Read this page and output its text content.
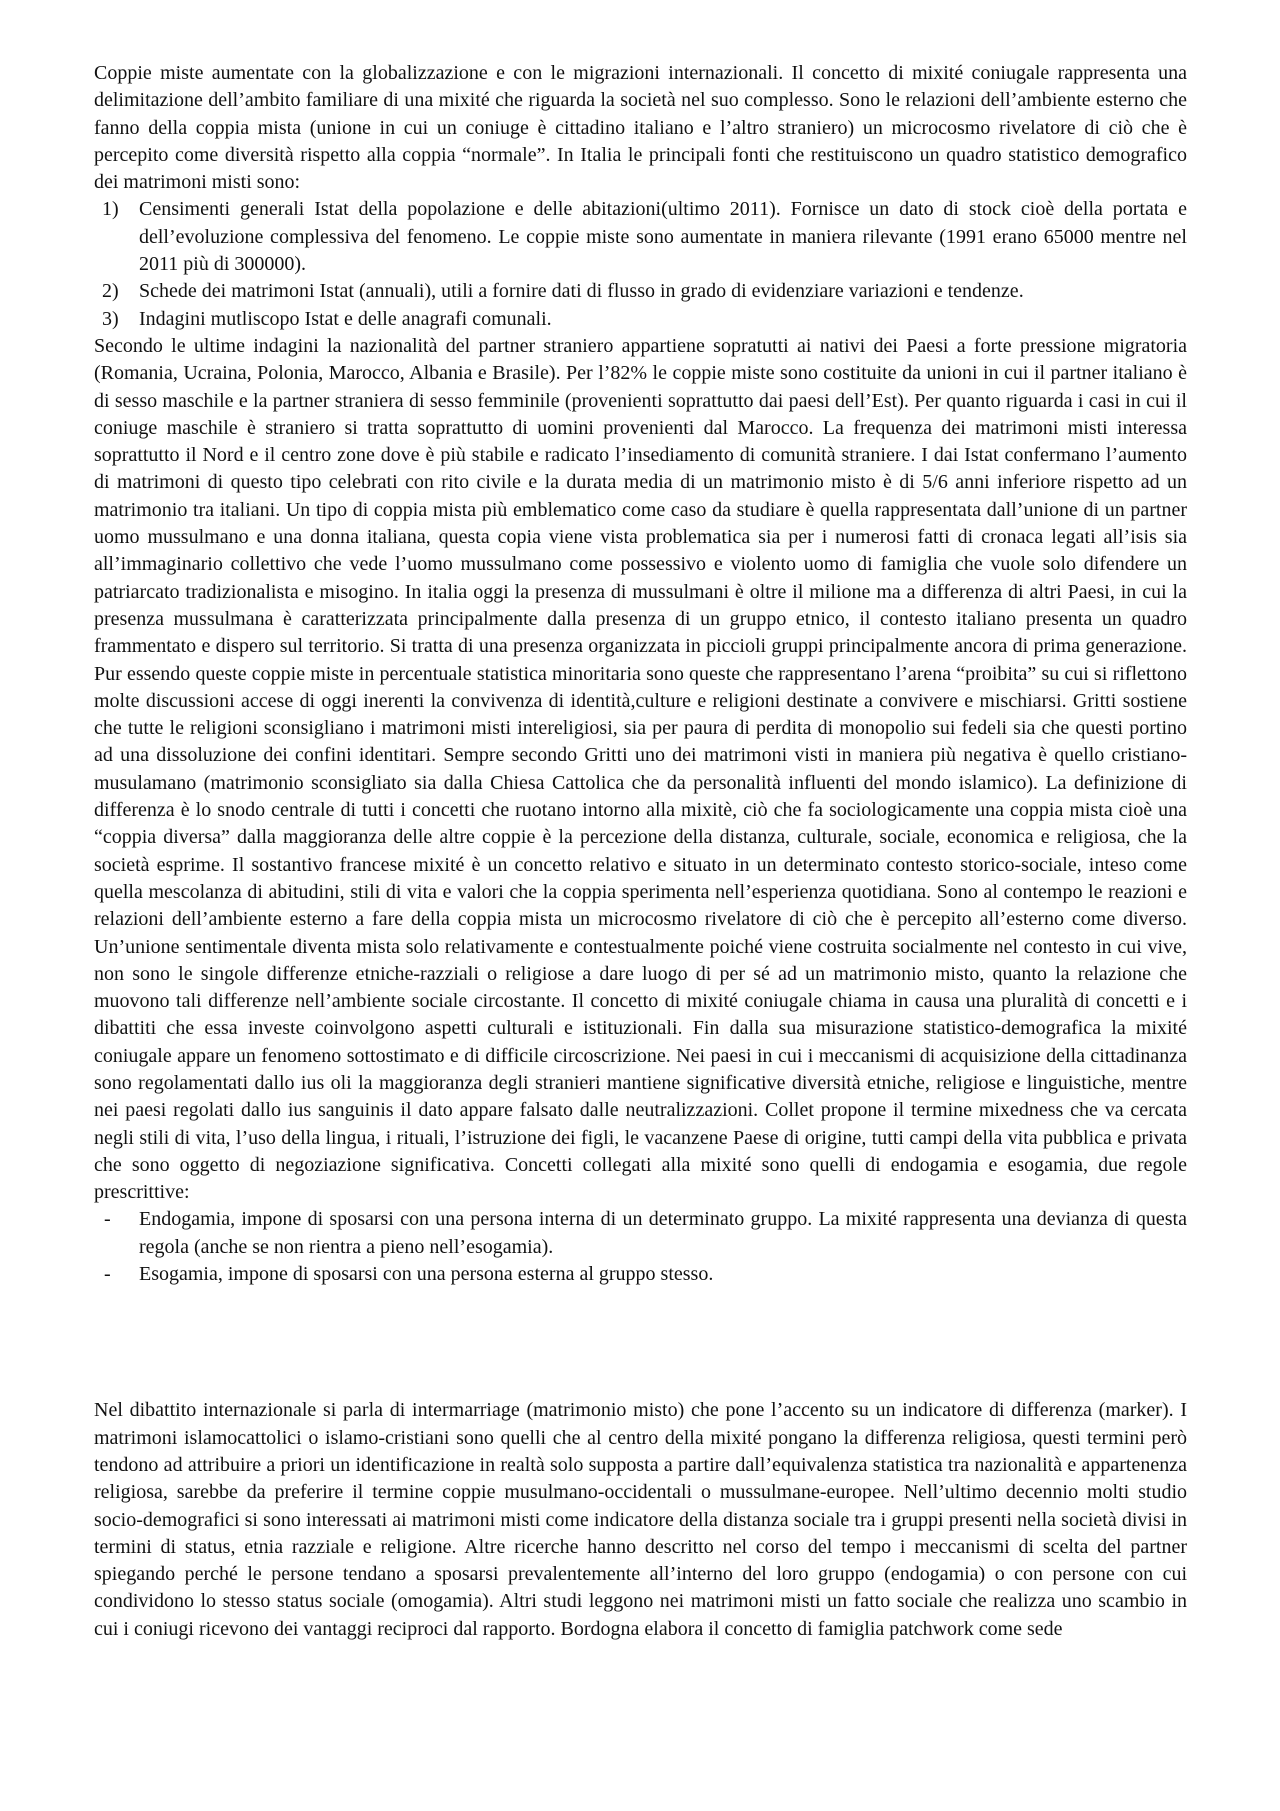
Coppie miste aumentate con la globalizzazione e con le migrazioni internazionali. Il concetto di mixité coniugale rappresenta una delimitazione dell’ambito familiare di una mixité che riguarda la società nel suo complesso. Sono le relazioni dell’ambiente esterno che fanno della coppia mista (unione in cui un coniuge è cittadino italiano e l’altro straniero) un microcosmo rivelatore di ciò che è percepito come diversità rispetto alla coppia “normale”. In Italia le principali fonti che restituiscono un quadro statistico demografico dei matrimoni misti sono:

1) Censimenti generali Istat della popolazione e delle abitazioni(ultimo 2011). Fornisce un dato di stock cioè della portata e dell’evoluzione complessiva del fenomeno. Le coppie miste sono aumentate in maniera rilevante (1991 erano 65000 mentre nel 2011 più di 300000).
2) Schede dei matrimoni Istat (annuali), utili a fornire dati di flusso in grado di evidenziare variazioni e tendenze.
3) Indagini mutliscopo Istat e delle anagrafi comunali.

Secondo le ultime indagini la nazionalità del partner straniero appartiene sopratutti ai nativi dei Paesi a forte pressione migratoria (Romania, Ucraina, Polonia, Marocco, Albania e Brasile). Per l’82% le coppie miste sono costituite da unioni in cui il partner italiano è di sesso maschile e la partner straniera di sesso femminile (provenienti soprattutto dai paesi dell’Est). Per quanto riguarda i casi in cui il coniuge maschile è straniero si tratta soprattutto di uomini provenienti dal Marocco. La frequenza dei matrimoni misti interessa soprattutto il Nord e il centro zone dove è più stabile e radicato l’insediamento di comunità straniere. I dai Istat confermano l’aumento di matrimoni di questo tipo celebrati con rito civile e la durata media di un matrimonio misto è di 5/6 anni inferiore rispetto ad un matrimonio tra italiani. Un tipo di coppia mista più emblematico come caso da studiare è quella rappresentata dall’unione di un partner uomo mussulmano e una donna italiana, questa copia viene vista problematica sia per i numerosi fatti di cronaca legati all’isis sia all’immaginario collettivo che vede l’uomo mussulmano come possessivo e violento uomo di famiglia che vuole solo difendere un patriarcato tradizionalista e misogino. In italia oggi la presenza di mussulmani è oltre il milione ma a differenza di altri Paesi, in cui la presenza mussulmana è caratterizzata principalmente dalla presenza di un gruppo etnico, il contesto italiano presenta un quadro frammentato e dispero sul territorio. Si tratta di una presenza organizzata in piccioli gruppi principalmente ancora di prima generazione. Pur essendo queste coppie miste in percentuale statistica minoritaria sono queste che rappresentano l’arena “proibita” su cui si riflettono molte discussioni accese di oggi inerenti la convivenza di identità,culture e religioni destinate a convivere e mischiarsi. Gritti sostiene che tutte le religioni sconsigliano i matrimoni misti intereligiosi, sia per paura di perdita di monopolio sui fedeli sia che questi portino ad una dissoluzione dei confini identitari. Sempre secondo Gritti uno dei matrimoni visti in maniera più negativa è quello cristiano-musulamano (matrimonio sconsigliato sia dalla Chiesa Cattolica che da personalità influenti del mondo islamico). La definizione di differenza è lo snodo centrale di tutti i concetti che ruotano intorno alla mixitè, ciò che fa sociologicamente una coppia mista cioè una “coppia diversa” dalla maggioranza delle altre coppie è la percezione della distanza, culturale, sociale, economica e religiosa, che la società esprime. Il sostantivo francese mixité è un concetto relativo e situato in un determinato contesto storico-sociale, inteso come quella mescolanza di abitudini, stili di vita e valori che la coppia sperimenta nell’esperienza quotidiana. Sono al contempo le reazioni e relazioni dell’ambiente esterno a fare della coppia mista un microcosmo rivelatore di ciò che è percepito all’esterno come diverso. Un’unione sentimentale diventa mista solo relativamente e contestualmente poiché viene costruita socialmente nel contesto in cui vive, non sono le singole differenze etniche-razziali o religiose a dare luogo di per sé ad un matrimonio misto, quanto la relazione che muovono tali differenze nell’ambiente sociale circostante. Il concetto di mixité coniugale chiama in causa una pluralità di concetti e i dibattiti che essa investe coinvolgono aspetti culturali e istituzionali. Fin dalla sua misurazione statistico-demografica la mixité coniugale appare un fenomeno sottostimato e di difficile circoscrizione. Nei paesi in cui i meccanismi di acquisizione della cittadinanza sono regolamentati dallo ius oli la maggioranza degli stranieri mantiene significative diversità etniche, religiose e linguistiche, mentre nei paesi regolati dallo ius sanguinis il dato appare falsato dalle neutralizzazioni. Collet propone il termine mixedness che va cercata negli stili di vita, l’uso della lingua, i rituali, l’istruzione dei figli, le vacanzene Paese di origine, tutti campi della vita pubblica e privata che sono oggetto di negoziazione significativa. Concetti collegati alla mixité sono quelli di endogamia e esogamia, due regole prescrittive:

- Endogamia, impone di sposarsi con una persona interna di un determinato gruppo. La mixité rappresenta una devianza di questa regola (anche se non rientra a pieno nell’esogamia).
- Esogamia, impone di sposarsi con una persona esterna al gruppo stesso.

Nel dibattito internazionale si parla di intermarriage (matrimonio misto) che pone l’accento su un indicatore di differenza (marker). I matrimoni islamocattolici o islamo-cristiani sono quelli che al centro della mixité pongano la differenza religiosa, questi termini però tendono ad attribuire a priori un identificazione in realtà solo supposta a partire dall’equivalenza statistica tra nazionalità e appartenenza religiosa, sarebbe da preferire il termine coppie musulmano-occidentali o mussulmane-europee. Nell’ultimo decennio molti studio socio-demografici si sono interessati ai matrimoni misti come indicatore della distanza sociale tra i gruppi presenti nella società divisi in termini di status, etnia razziale e religione. Altre ricerche hanno descritto nel corso del tempo i meccanismi di scelta del partner spiegando perché le persone tendano a sposarsi prevalentemente all’interno del loro gruppo (endogamia) o con persone con cui condividono lo stesso status sociale (omogamia). Altri studi leggono nei matrimoni misti un fatto sociale che realizza uno scambio in cui i coniugi ricevono dei vantaggi reciproci dal rapporto. Bordogna elabora il concetto di famiglia patchwork come sede
